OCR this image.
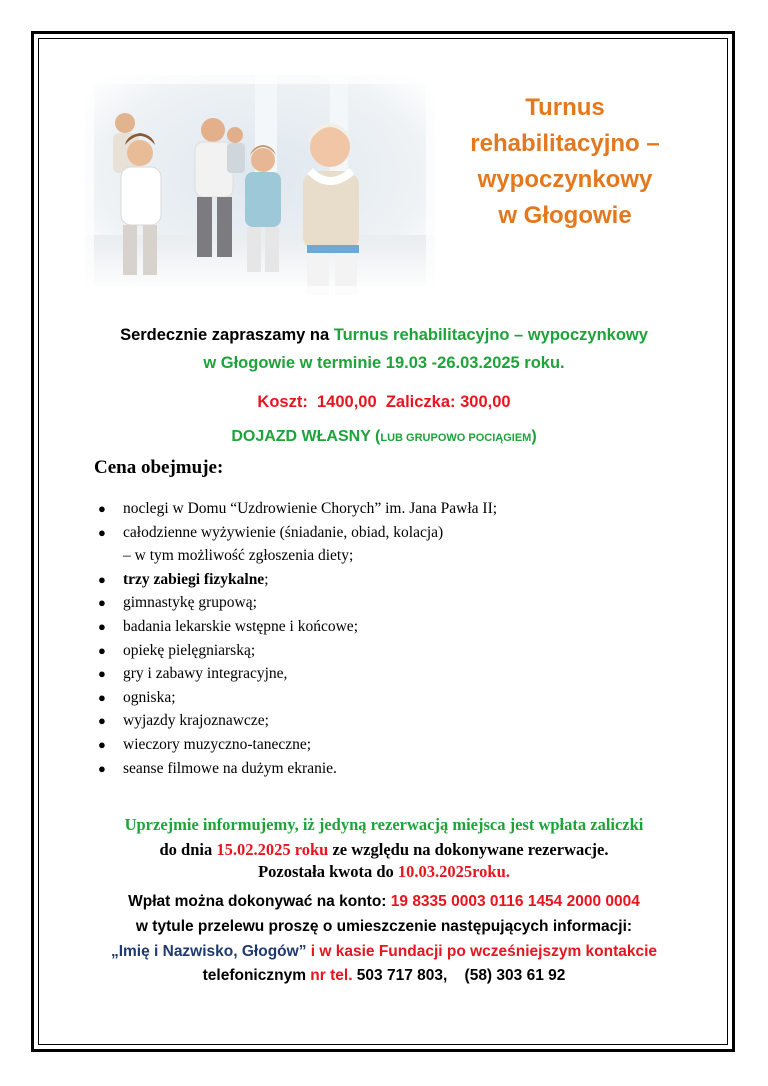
Turnus
rehabilitacyjno –
wypoczynkowy
w Głogowie
Serdecznie zapraszamy na Turnus rehabilitacyjno – wypoczynkowy
w Głogowie w terminie 19.03 -26.03.2025 roku.
Koszt:  1400,00  Zaliczka: 300,00
DOJAZD WŁASNY (LUB GRUPOWO POCIĄGIEM)
Cena obejmuje:
● noclegi w Domu “Uzdrowienie Chorych” im. Jana Pawła II;
● całodzienne wyżywienie (śniadanie, obiad, kolacja)
– w tym możliwość zgłoszenia diety;
● trzy zabiegi fizykalne;
● gimnastykę grupową;
● badania lekarskie wstępne i końcowe;
● opiekę pielęgniarską;
● gry i zabawy integracyjne,
● ogniska;
● wyjazdy krajoznawcze;
● wieczory muzyczno-taneczne;
● seanse filmowe na dużym ekranie.
Uprzejmie informujemy, iż jedyną rezerwacją miejsca jest wpłata zaliczki
do dnia 15.02.2025 roku ze względu na dokonywane rezerwacje.
Pozostała kwota do 10.03.2025roku.
Wpłat można dokonywać na konto: 19 8335 0003 0116 1454 2000 0004
w tytule przelewu proszę o umieszczenie następujących informacji:
„Imię i Nazwisko, Głogów” i w kasie Fundacji po wcześniejszym kontakcie
telefonicznym nr tel. 503 717 803,    (58) 303 61 92
